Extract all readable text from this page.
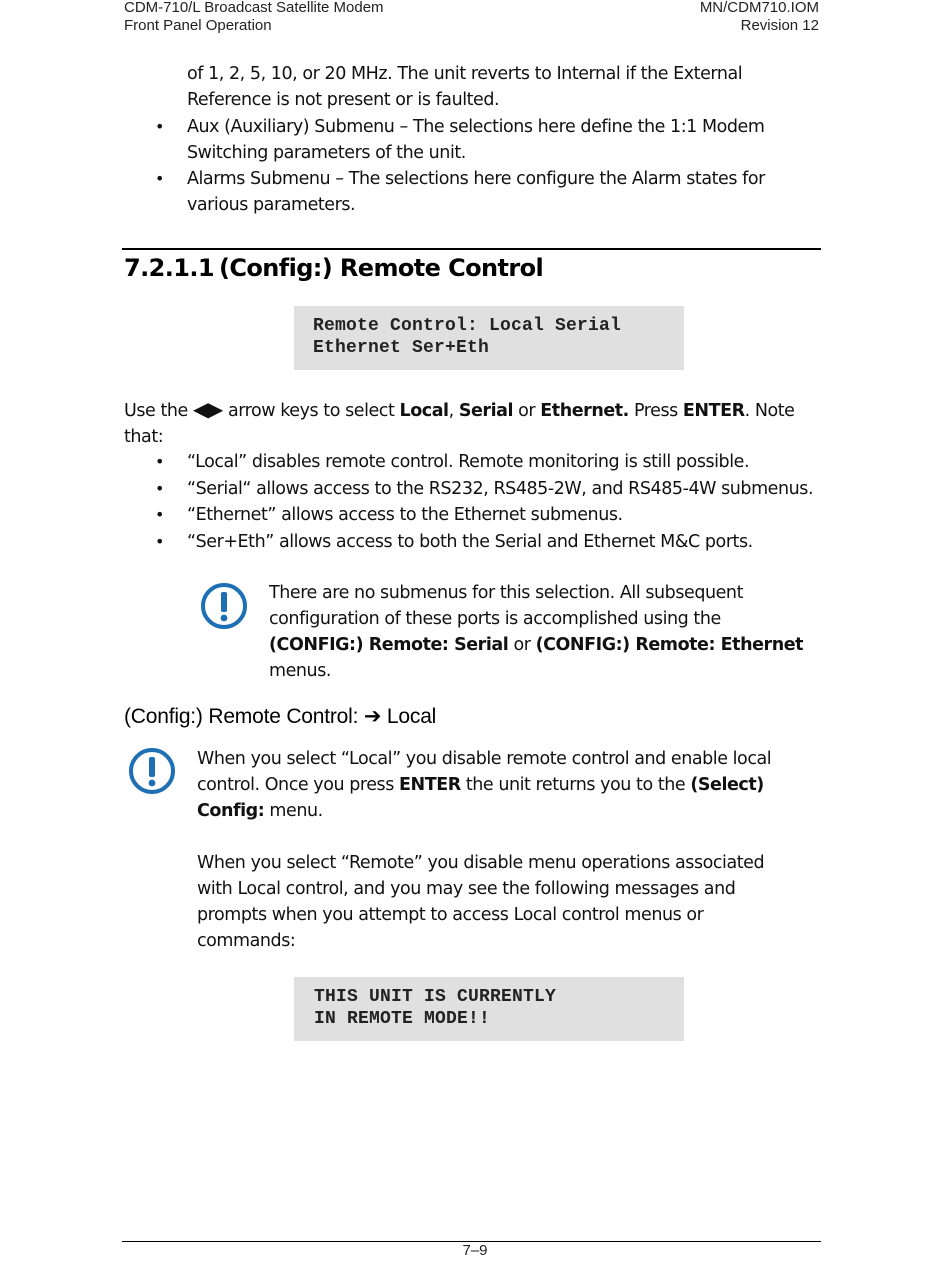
CDM-710/L Broadcast Satellite Modem
Front Panel Operation
MN/CDM710.IOM
Revision 12
of 1, 2, 5, 10, or 20 MHz. The unit reverts to Internal if the External
Reference is not present or is faulted.
• Aux (Auxiliary) Submenu – The selections here define the 1:1 Modem
Switching parameters of the unit.
• Alarms Submenu – The selections here configure the Alarm states for
various parameters.
7.2.1.1 (Config:) Remote Control
Remote Control: Local Serial
Ethernet Ser+Eth
Use the ◀▶ arrow keys to select Local, Serial or Ethernet. Press ENTER. Note
that:
• “Local” disables remote control. Remote monitoring is still possible.
• “Serial“ allows access to the RS232, RS485-2W, and RS485-4W submenus.
• “Ethernet” allows access to the Ethernet submenus.
• “Ser+Eth” allows access to both the Serial and Ethernet M&C ports.
There are no submenus for this selection. All subsequent
configuration of these ports is accomplished using the
(CONFIG:) Remote: Serial or (CONFIG:) Remote: Ethernet
menus.
(Config:) Remote Control: ➔ Local
When you select “Local” you disable remote control and enable local
control. Once you press ENTER the unit returns you to the (Select)
Config: menu.
When you select “Remote” you disable menu operations associated
with Local control, and you may see the following messages and
prompts when you attempt to access Local control menus or
commands:
THIS UNIT IS CURRENTLY
IN REMOTE MODE!!
7–9
